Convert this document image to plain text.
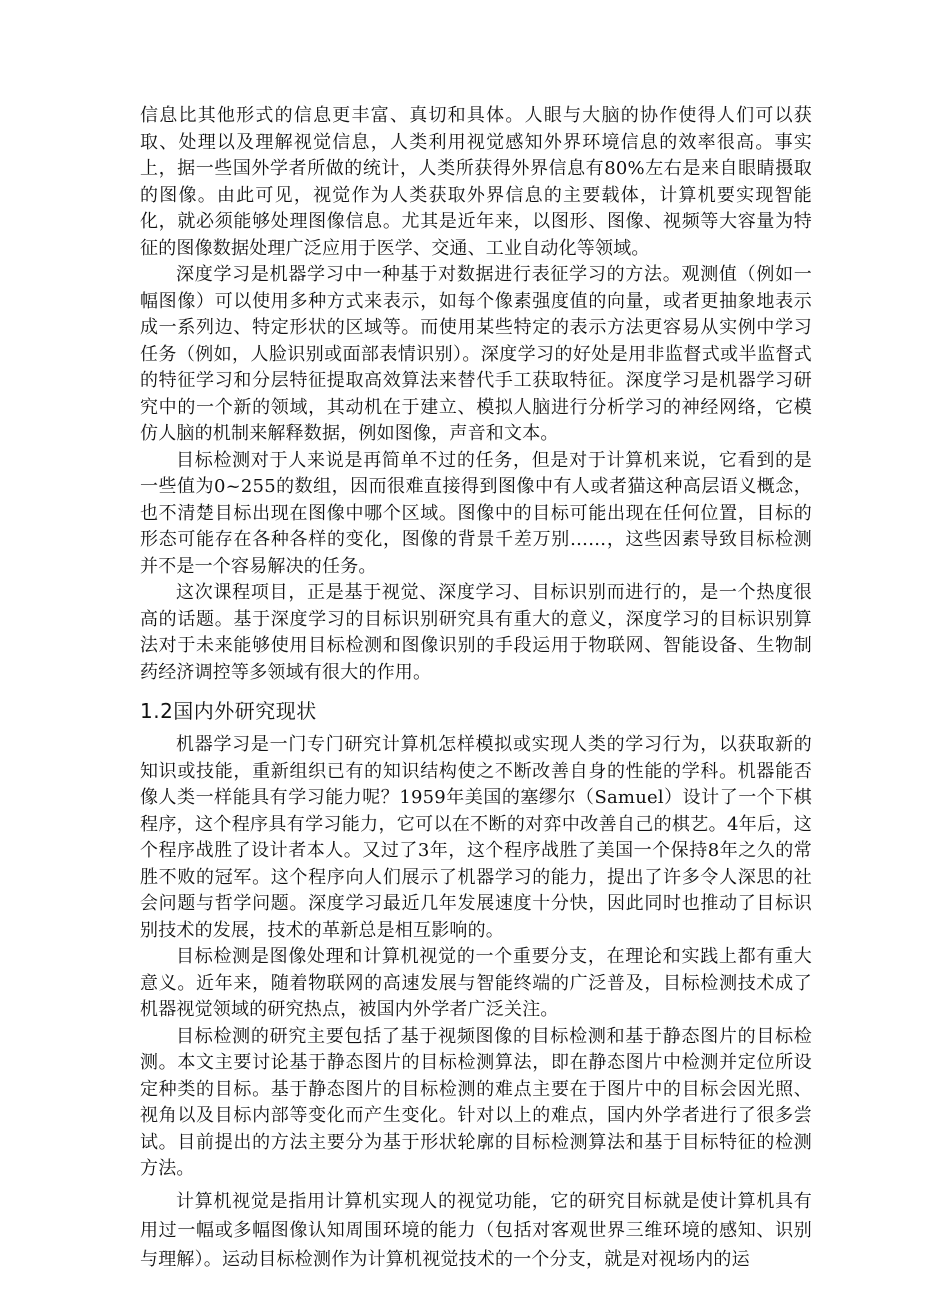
信息比其他形式的信息更丰富、真切和具体。人眼与大脑的协作使得人们可以获取、处理以及理解视觉信息，人类利用视觉感知外界环境信息的效率很高。事实上，据一些国外学者所做的统计，人类所获得外界信息有80%左右是来自眼睛摄取的图像。由此可见，视觉作为人类获取外界信息的主要载体，计算机要实现智能化，就必须能够处理图像信息。尤其是近年来，以图形、图像、视频等大容量为特征的图像数据处理广泛应用于医学、交通、工业自动化等领域。

深度学习是机器学习中一种基于对数据进行表征学习的方法。观测值（例如一幅图像）可以使用多种方式来表示，如每个像素强度值的向量，或者更抽象地表示成一系列边、特定形状的区域等。而使用某些特定的表示方法更容易从实例中学习任务（例如，人脸识别或面部表情识别）。深度学习的好处是用非监督式或半监督式的特征学习和分层特征提取高效算法来替代手工获取特征。深度学习是机器学习研究中的一个新的领域，其动机在于建立、模拟人脑进行分析学习的神经网络，它模仿人脑的机制来解释数据，例如图像，声音和文本。

目标检测对于人来说是再简单不过的任务，但是对于计算机来说，它看到的是一些值为0~255的数组，因而很难直接得到图像中有人或者猫这种高层语义概念，也不清楚目标出现在图像中哪个区域。图像中的目标可能出现在任何位置，目标的形态可能存在各种各样的变化，图像的背景千差万别……，这些因素导致目标检测并不是一个容易解决的任务。

这次课程项目，正是基于视觉、深度学习、目标识别而进行的，是一个热度很高的话题。基于深度学习的目标识别研究具有重大的意义，深度学习的目标识别算法对于未来能够使用目标检测和图像识别的手段运用于物联网、智能设备、生物制药经济调控等多领域有很大的作用。

1.2国内外研究现状

机器学习是一门专门研究计算机怎样模拟或实现人类的学习行为，以获取新的知识或技能，重新组织已有的知识结构使之不断改善自身的性能的学科。机器能否像人类一样能具有学习能力呢？1959年美国的塞缪尔（Samuel）设计了一个下棋程序，这个程序具有学习能力，它可以在不断的对弈中改善自己的棋艺。4年后，这个程序战胜了设计者本人。又过了3年，这个程序战胜了美国一个保持8年之久的常胜不败的冠军。这个程序向人们展示了机器学习的能力，提出了许多令人深思的社会问题与哲学问题。深度学习最近几年发展速度十分快，因此同时也推动了目标识别技术的发展，技术的革新总是相互影响的。

目标检测是图像处理和计算机视觉的一个重要分支，在理论和实践上都有重大意义。近年来，随着物联网的高速发展与智能终端的广泛普及，目标检测技术成了机器视觉领域的研究热点，被国内外学者广泛关注。

目标检测的研究主要包括了基于视频图像的目标检测和基于静态图片的目标检测。本文主要讨论基于静态图片的目标检测算法，即在静态图片中检测并定位所设定种类的目标。基于静态图片的目标检测的难点主要在于图片中的目标会因光照、视角以及目标内部等变化而产生变化。针对以上的难点，国内外学者进行了很多尝试。目前提出的方法主要分为基于形状轮廓的目标检测算法和基于目标特征的检测方法。

计算机视觉是指用计算机实现人的视觉功能，它的研究目标就是使计算机具有用过一幅或多幅图像认知周围环境的能力（包括对客观世界三维环境的感知、识别与理解）。运动目标检测作为计算机视觉技术的一个分支，就是对视场内的运
